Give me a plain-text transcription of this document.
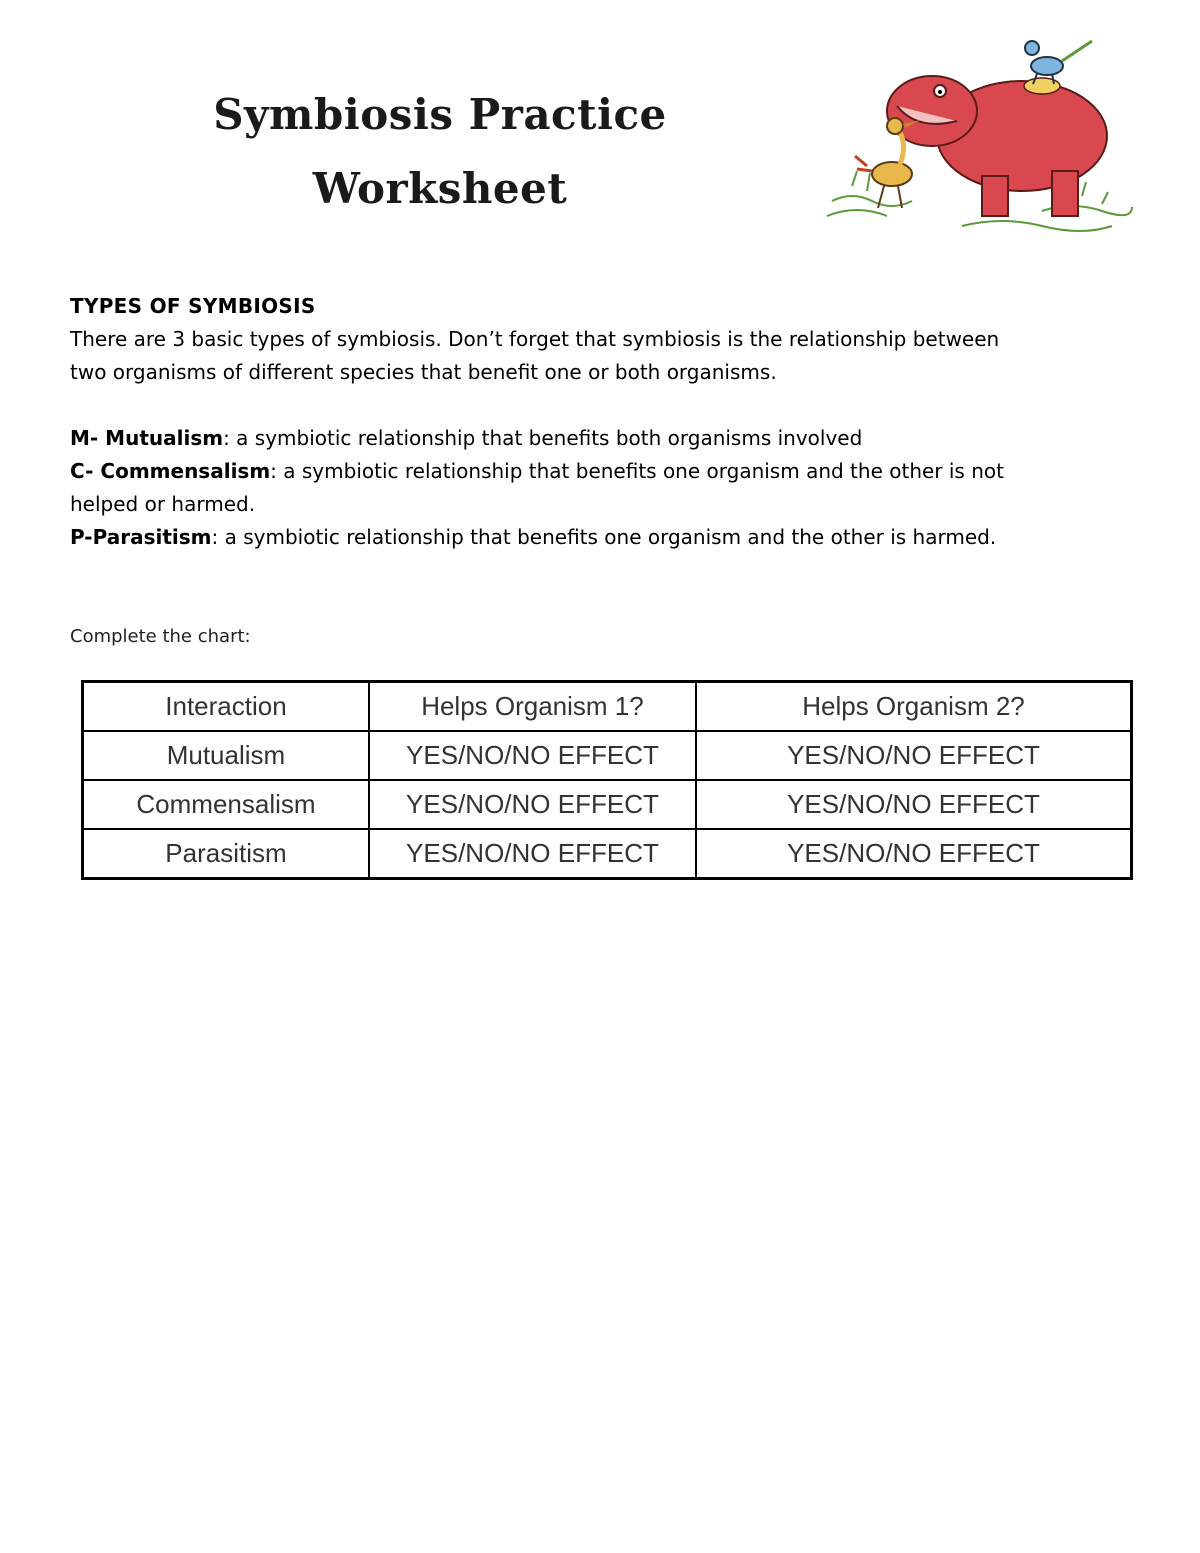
Symbiosis Practice
Worksheet

TYPES OF SYMBIOSIS

There are 3 basic types of symbiosis. Don’t forget that symbiosis is the relationship between

two organisms of different species that benefit one or both organisms.

M- Mutualism: a symbiotic relationship that benefits both organisms involved

C- Commensalism: a symbiotic relationship that benefits one organism and the other is not

helped or harmed.

P-Parasitism: a symbiotic relationship that benefits one organism and the other is harmed.

Complete the chart:

Interaction	Helps Organism 1?	Helps Organism 2?
Mutualism	YES/NO/NO EFFECT	YES/NO/NO EFFECT
Commensalism	YES/NO/NO EFFECT	YES/NO/NO EFFECT
Parasitism	YES/NO/NO EFFECT	YES/NO/NO EFFECT
